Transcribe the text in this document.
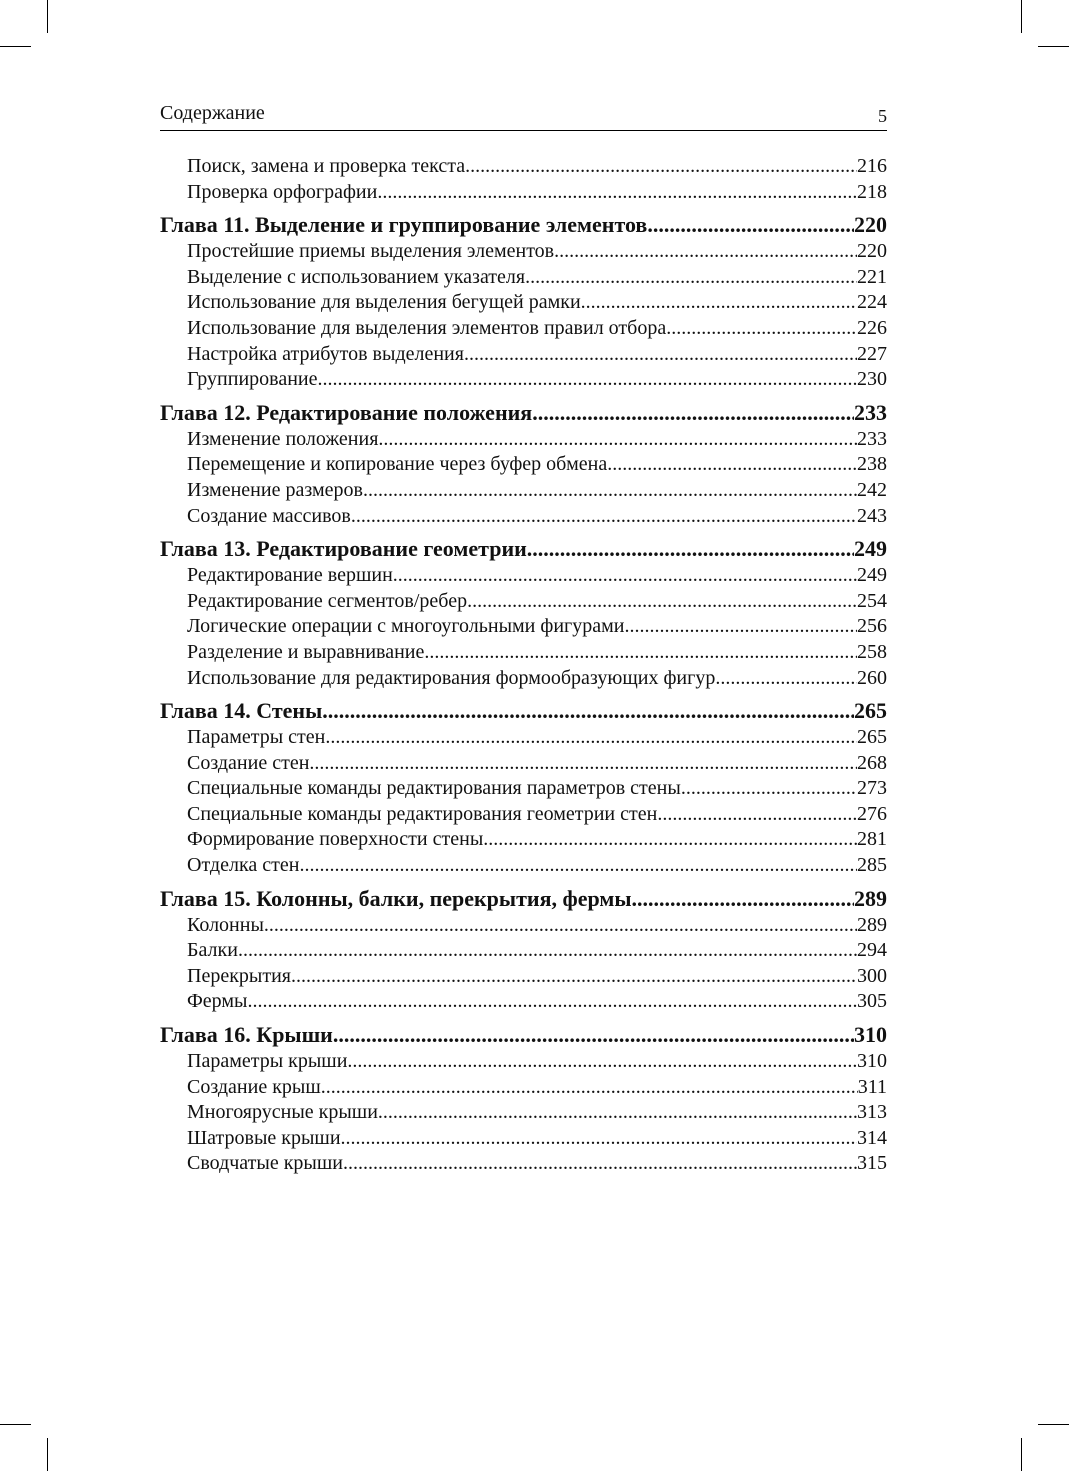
Содержание	5
Поиск, замена и проверка текста .....	216
Проверка орфографии .....	218
Глава 11. Выделение и группирование элементов .....	220
Простейшие приемы выделения элементов .....	220
Выделение с использованием указателя .....	221
Использование для выделения бегущей рамки .....	224
Использование для выделения элементов правил отбора .....	226
Настройка атрибутов выделения .....	227
Группирование .....	230
Глава 12. Редактирование положения .....	233
Изменение положения .....	233
Перемещение и копирование через буфер обмена .....	238
Изменение размеров .....	242
Создание массивов .....	243
Глава 13. Редактирование геометрии .....	249
Редактирование вершин .....	249
Редактирование сегментов/ребер .....	254
Логические операции с многоугольными фигурами .....	256
Разделение и выравнивание .....	258
Использование для редактирования формообразующих фигур .....	260
Глава 14. Стены .....	265
Параметры стен .....	265
Создание стен .....	268
Специальные команды редактирования параметров стены .....	273
Специальные команды редактирования геометрии стен .....	276
Формирование поверхности стены .....	281
Отделка стен .....	285
Глава 15. Колонны, балки, перекрытия, фермы .....	289
Колонны .....	289
Балки .....	294
Перекрытия .....	300
Фермы .....	305
Глава 16. Крыши .....	310
Параметры крыши .....	310
Создание крыш .....	311
Многоярусные крыши .....	313
Шатровые крыши .....	314
Сводчатые крыши .....	315
